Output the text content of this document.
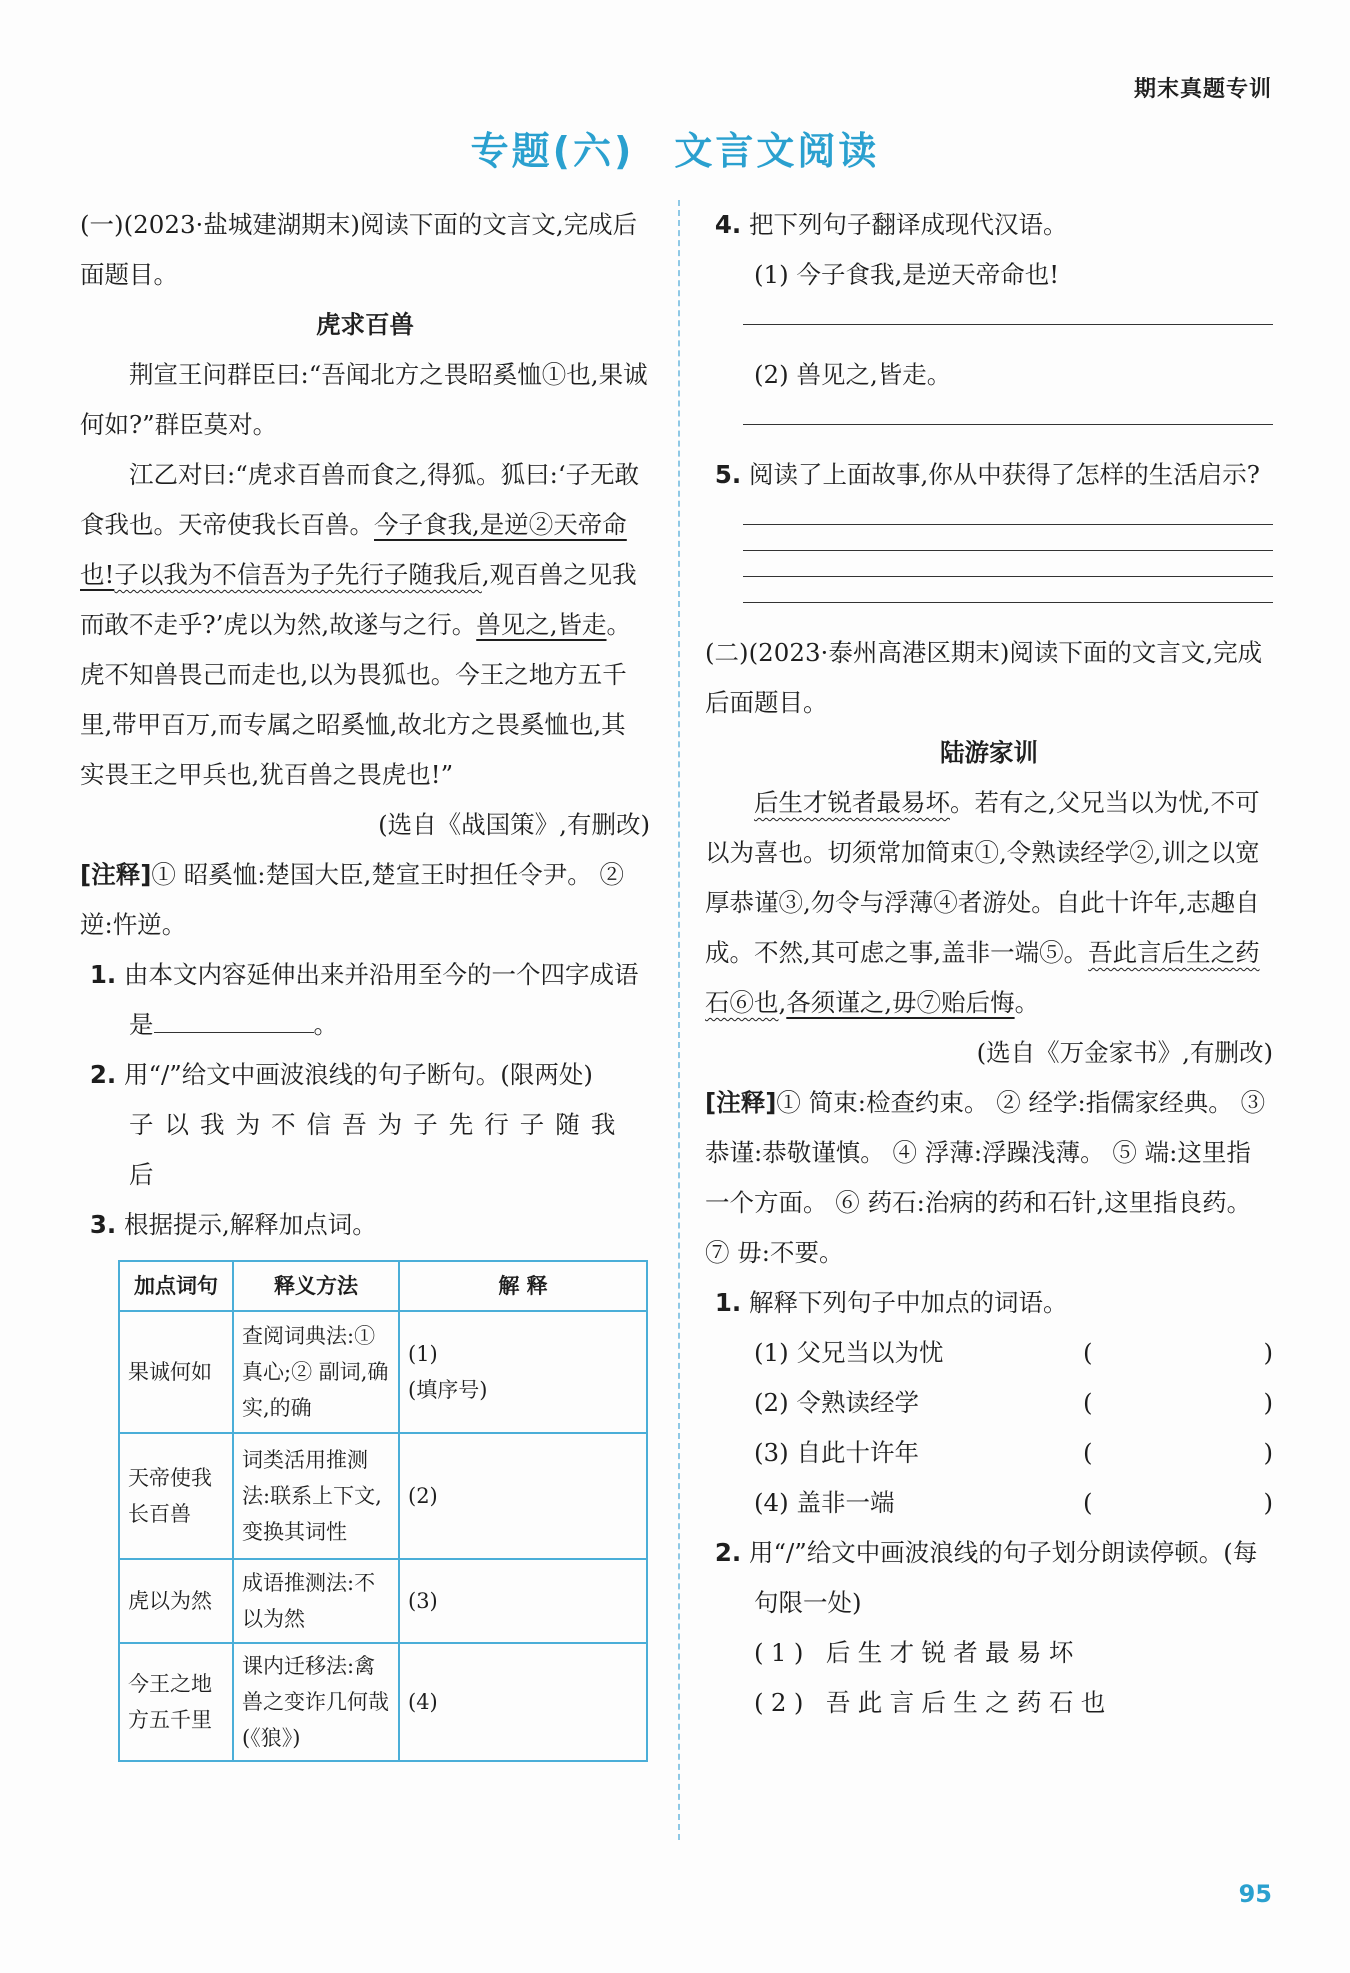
期末真题专训
专题(六) 文言文阅读

(一)(2023·盐城建湖期末)阅读下面的文言文,完成后面题目。

虎求百兽

荆宣王问群臣曰:“吾闻北方之畏昭奚恤①也,果诚何如?”群臣莫对。

江乙对曰:“虎求百兽而食之,得狐。狐曰:‘子无敢食我也。天帝使我长百兽。今子食我,是逆②天帝命也!子以我为不信吾为子先行子随我后,观百兽之见我而敢不走乎?’虎以为然,故遂与之行。兽见之,皆走。虎不知兽畏己而走也,以为畏狐也。今王之地方五千里,带甲百万,而专属之昭奚恤,故北方之畏奚恤也,其实畏王之甲兵也,犹百兽之畏虎也!”

(选自《战国策》,有删改)

[注释]① 昭奚恤:楚国大臣,楚宣王时担任令尹。 ② 逆:忤逆。

1. 由本文内容延伸出来并沿用至今的一个四字成语是	。

2. 用“/”给文中画波浪线的句子断句。(限两处)

子以我为不信吾为子先行子随我后

3. 根据提示,解释加点词。

加点词句	释义方法	解 释
果诚何如	查阅词典法:① 真心;② 副词,确实,的确	(1)
(填序号)
天帝使我长百兽	词类活用推测法:联系上下文,变换其词性	(2)
虎以为然	成语推测法:不以为然	(3)
今王之地方五千里	课内迁移法:禽兽之变诈几何哉(《狼》)	(4)

4. 把下列句子翻译成现代汉语。

(1) 今子食我,是逆天帝命也!

(2) 兽见之,皆走。

5. 阅读了上面故事,你从中获得了怎样的生活启示?

(二)(2023·泰州高港区期末)阅读下面的文言文,完成后面题目。

陆游家训

后生才锐者最易坏。若有之,父兄当以为忧,不可以为喜也。切须常加简束①,令熟读经学②,训之以宽厚恭谨③,勿令与浮薄④者游处。自此十许年,志趣自成。不然,其可虑之事,盖非一端⑤。吾此言后生之药石⑥也,各须谨之,毋⑦贻后悔。

(选自《万金家书》,有删改)

[注释]① 简束:检查约束。 ② 经学:指儒家经典。 ③ 恭谨:恭敬谨慎。 ④ 浮薄:浮躁浅薄。 ⑤ 端:这里指一个方面。 ⑥ 药石:治病的药和石针,这里指良药。 ⑦ 毋:不要。

1. 解释下列句子中加点的词语。

(1) 父兄当以为忧	(	)
(2) 令熟读经学	(	)
(3) 自此十许年	(	)
(4) 盖非一端	(	)

2. 用“/”给文中画波浪线的句子划分朗读停顿。(每句限一处)

(1) 后生才锐者最易坏

(2) 吾此言后生之药石也

95
